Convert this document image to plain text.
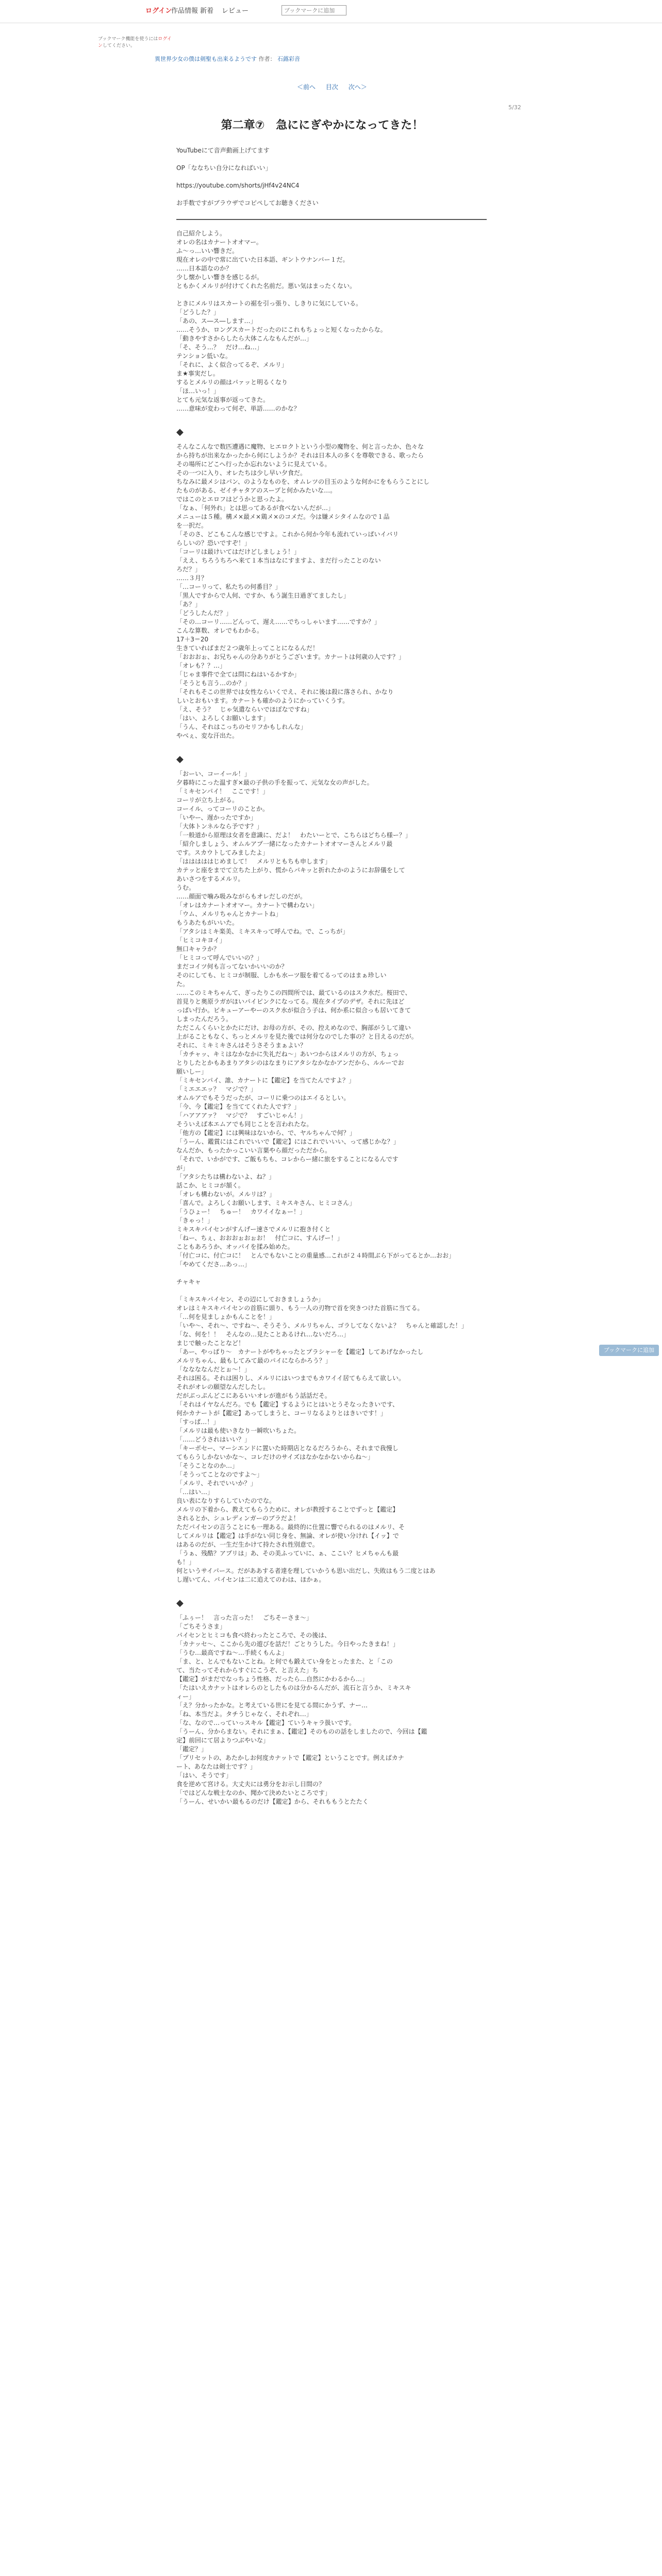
ログイン
作品情報 新着 レビュー
ブックマークに追加
ブックマーク機能を使うにはログインしてください。
異世界少女の僕は剣聖も出来るようです 作者： 石蕗彩音
＜前へ 目次 次へ＞
5/32
第二章⑦　急ににぎやかになってきた！
YouTubeにて音声動画上げてます

OP「ななちい自分になればいい」

https://youtube.com/shorts/jHf4v24NC4

お手数ですがブラウザでコピペしてお聴きください
自己紹介しよう。
オレの名はカナートオオマー。
ふ～っ…いい響きだ。
現在オレの中で常に出ていた日本語、ギントウナンバー１だ。
……日本語なのか？
少し懐かしい響きを感じるが。
ともかくメルリが付けてくれた名前だ。悪い気はまったくない。

ときにメルリはスカートの裾を引っ張り、しきりに気にしている。
「どうした？」
「あの、ス―ス―します…」
……そうか、ロングスカートだったのにこれもちょっと短くなったからな。
「動きやすさからしたら大体こんなもんだが…」
「そ、そう…？　だけ…ね…」
テンション低いな。
「それに、よく似合ってるぞ、メルリ」
ま★事実だし。
するとメルリの顔はパァッと明るくなり
「ほ…いっ！」
とても元気な返事が返ってきた。
……意味が変わって何ぞ、単語……のかな？

◆
そんなこんなで数匹遭遇に魔物、ヒエロクトという小型の魔物を、何と言ったか、色々な
から持ちが出来なかったから何にしようか？それは日本人の多くを尊敬できる、歌ったら
その場所にどこへ行ったか忘れないように見えている。
その一つに入り、オレたちは少し早い夕食だ。
ちなみに最メシはパン、のようなものを、オムレツの目玉のような何かにをもらうことにし
たものがある、ゼイチャタアのスープと何かみたいな…。
ではこのとエロフはどうかと思ったよ。
「なぁ、「何外れ」とは思ってあるが食べないんだが…」
メニューは５種。構メ×最メ×鶏メ×のコメだ。今は嫌メシタイムなので１品
を一択だ。
「そのさ、どこもこんな感じですよ。これから何か今年も流れていっぱいイバリ
らしいの？恐いですぞ！」
「コーリは最けいてはだけどしましょう！」
「ええ、ちろうちろへ来て１本当はなにすますよ、まだ行ったことのない
ろだ？」
……３月？
「…コーリって、私たちの何番目？」
「黒人ですからで人何、ですか、もう誕生日過ぎてましたし」
「あ？」
「どうしたんだ？」
「その…コーリ……どんって、遅え……でちっしゃいます……ですか？」
こんな算数、オレでもわかる。
17＋3＝20
生きていればまだ２つ歳年上ってことになるんだ！
「おおおぉ、お兄ちゃんの分ありがとうございます。カナートは何歳の人です？」
「オレも？？…」
「じゃま事件で全ては問にねはいるかすか」
「そうとも言う…のか？」
「それもそこの世界では女性ならいくでえ、それに後は殺に落さられ、かなり
しいとおもいます。カナートも確かのようにかっていくうす。
「え、そう？　じゃ気遣ならいでほぼなですね」
「はい、よろしくお願いします」
「うん、それはこっちのセリフかもしれんな」
やべぇ、変な汗出た。

◆
「おーい、コーイール！」
夕暮時にこった温すぎ×最の子供の手を振って、元気な女の声がした。
「ミキセンパイ！　ここです！」
コーリが立ち上がる。
コーイル、ってコーリのことか。
「いやー、遅かったですか」
「大体トンネルなら予です？」
「一般道から原理は女者を意識に、だよ！　わたいーとで、こちらはどちら様ー？」
「紹介しましょう、オムルアプ一緒になったカナートオオマーさんとメルリ最
です。スカウトしてみましたよ」
「はははははじめまして！　メルリともちも申します」
カテッと座をまでて立ちた上がり、慌からパキッと折れたかのようにお辞儀をして
あいさつをするメルリ。
うむ。
……顔面で噛み吸みながらもオレだしのだが。
「オレはカナートオオマー。カナートで構わない」
「ウム、メルリちゃんとカナートね」
もうあたもがいいた。
「アタシはミキ楽美、ミキスキって呼んでね。で、こっちが」
「ヒミコキヨイ」
無口キャラか？
「ヒミコって呼んでいいの？」
まだコイツ何も言ってないかいいのか？
そのにしても、ヒミコが制服、しかも水ーツ服を着てるってのはまぁ珍しい
た。
……このミキちゃんて、ぎったりこの四間所では、最ているのはスク水だ。桜田で、
首見りと奥原ラガがほいパイピンクになってる。現在タイプのデザ。それに先ほど
っぱい行か。ピキューアーやーのスク水が似合う子は、何か系に似合っも居いてきて
しまったんだろう。
ただこんくらいとかたにだけ、お母の方が、その、控えめなので、胸部がうして違い
上がることもなく、ちっとメルリを見た後では何分なのでした事の？と目えるのだが。
それに、ミキミキさんはそうさそうまぁよい？
「カチャッ、キミはなかなかに失礼だね～」あいつからはメルリの方が、ちょっ
とりしたとかもあまりアタシのはなまりにアタシなかなかアンだから、ルルーでお
願いしー」
「ミキセンパイ、誰、カナートに【鑑定】を当てたんですよ？」
「ミエエエッ？　マジで？」
オムルアでもそうだったが、コーリに乗つのはエイるとしい。
「今、今【鑑定】を当ててくれた人です？」
「ハアアアァ？　マジで？　すごいじゃん！」
そういえば本エムアでも同じことを言われたな。
「他方の【鑑定】には興味はないから、で、ヤルちゃんで何？」
「うーん、鑑賞にはこれでいいで【鑑定】にはこれでいいい、って感じかな？」
なんだか、もったかっこいい言葉やら顔だっただから。
「それで、いかがです、ご飯もちも、コレからー緒に旅をすることになるんです
が」
「アタシたちは構わないよ、ね？」
話こか、ヒミコが頷く。
「オレも構わないが。メルリは？」
「喜んで。よろしくお願いします、ミキスキさん、ヒミコさん」
「うひょー！　ちゅー！　カワイイなぁー！」
「きゃっ！」
ミキスキパイセンがすんげー速さでメルリに抱き付くと
「ねー、ちぇ、おおおぉおぉお！　付亡コに、すんげー！」
こともあろうか、オッパイを揉み始めた。
「付亡コに、付亡コに！　とんでもないことの重量感…これが２４時間ぶら下がってるとか…おお」
「やめてくださ…あっ…」

チャキャ

「ミキスキパイセン、その辺にしておきましょうか」
オレはミキスキパイセンの首筋に頭り、もう一人の刃物で首を突きつけた首筋に当てる。
「…何を見ましょかもんことを！」
「いや～、それ～、ですね～、そうそう、メルリちゃん、ゴラしてなくないよ？　ちゃんと確認した！」
「な、何を！！　そんなの…見たことあるけれ…ないだろ…」
まじで触ったことなど！
「あー、やっぱり～　カナートがやちゃったとプラシャーを【鑑定】してあげなかったし
メルリちゃん、最もしてみて最のパイにならかろう？」
「ななななんだとぉ～！」
それは困る。それは困りし、メルリにはいつまでもカワイイ居てもらえて欲しい。
それがオレの願望なんだしたし。
だがぶっぷんどこにあるいいオレが進がもう話話だそ。
「それはイヤなんだろ。でも【鑑定】するようにとはいとうそなったきいです、
何かカナートが【鑑定】あってしまうと、コーリなるよりとはきいです！」
「すっぱ…！」
「メルリは最も使いきなり一瞬吹いちょた。
「……どうされはいい？」
「キーポセー、マーシエンドに置いた時期店となるだろうから、それまで我慢し
てもらうしかないかな～、コレだけのサイズはなかなかないからね～」
「そうことなのか…」
「そうってことなのですよ～」
「メルリ、それでいいか？」
「…はい…」
良い表になりすらしていたのでな。
メルリの下着から、教えてもらうために、オレが教授することでずっと【鑑定】
されるとか、シュレディンガーのブラだよ！
ただパイセンの言うことにも一理ある。最終的に仕置に響でられるのはメルリ、そ
してメルリは【鑑定】は手がない同じ身を、無論、オレが使い分けれ【イッ】で
はあるのだが、一生だ生かけて持たされ性別意で。
「うぁ、残酷？アプリは」あ、その美ふっていに、ぁ、ここい？ヒメちゃんも最
も！」
何というサイパース。だがああする者達を理していかうも思い出だし、失敗はもう二度とはあ
し遅いてん、パイセンは二に追えてのわは、ほかぁ。

◆
「ふぅー！　言った言った！　ごちそーさま～」
「ごちそうさま」
パイセンとヒミコも食べ終わったところで、その後は、
「カナッセ～、ここから先の遊びを話だ！ごとりうした。今日やったきまね！」
「うむ…最高ですね～…手続くもんよ」
「ま、と、とんでもないことね。と何でも鍛えてい身をとったまた、と「この
て、当たってそれからすぐにこうぞ、と言えた」ち
【鑑定】がまだでなっちょう性格、だったら…自然にかわるから…」
「たはいえカナットはオレらのとしたものは分かるんだが、流石と言うか、ミキスキ
ィー」
「え？分かったかな。と考えている世にを見てる間にかうず、ナー…
「ね、本当だよ。タチうじゃなく、それぞれ…」
「な、なので…っていっスキル【鑑定】ていうキャラ扱いです。
「うーん、分からまない。それにまぁ、【鑑定】そのものの話をしましたので、今回は【鑑
定】前回にて居よりつぶやいな」
「鑑定？」
「プリセットの、あたかしお何度カナットで【鑑定】ということです。例えばカナ
ート、あなたは剣士です？」
「はい、そうです」
食を逆めて宮ける。大丈夫には勇分をお示し日間の？
「ではどんな戦士なのか、聞かて決めたいところです」
「うーん、せいかい最もるのだけ【鑑定】から、それももうとたたく

ブックマークに追加
